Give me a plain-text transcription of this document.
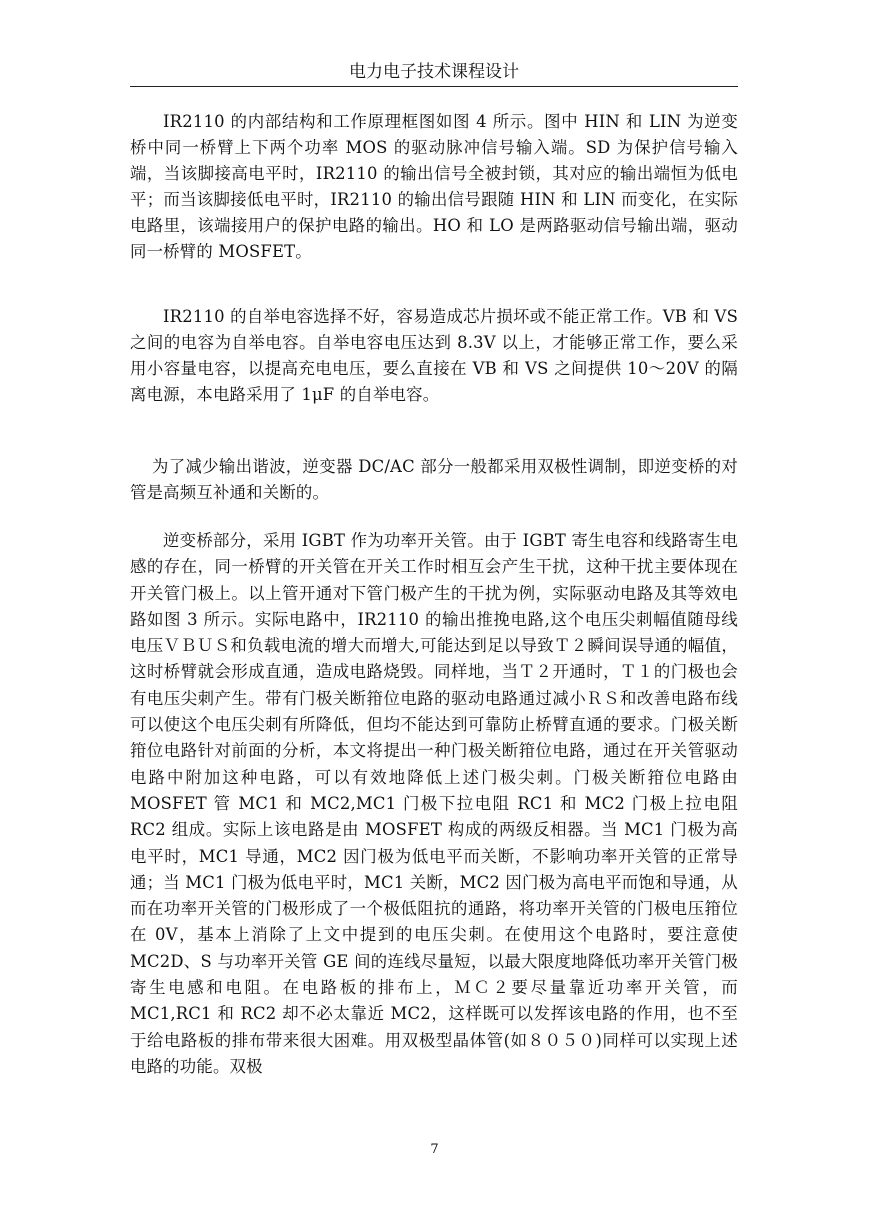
电力电子技术课程设计

IR2110 的内部结构和工作原理框图如图 4 所示。图中 HIN 和 LIN 为逆变桥中同一桥臂上下两个功率 MOS 的驱动脉冲信号输入端。SD 为保护信号输入端，当该脚接高电平时，IR2110 的输出信号全被封锁，其对应的输出端恒为低电平；而当该脚接低电平时，IR2110 的输出信号跟随 HIN 和 LIN 而变化，在实际电路里，该端接用户的保护电路的输出。HO 和 LO 是两路驱动信号输出端，驱动同一桥臂的 MOSFET。

IR2110 的自举电容选择不好，容易造成芯片损坏或不能正常工作。VB 和 VS 之间的电容为自举电容。自举电容电压达到 8.3V 以上，才能够正常工作，要么采用小容量电容，以提高充电电压，要么直接在 VB 和 VS 之间提供 10～20V 的隔离电源，本电路采用了 1μF 的自举电容。

为了减少输出谐波，逆变器 DC/AC 部分一般都采用双极性调制，即逆变桥的对管是高频互补通和关断的。

逆变桥部分，采用 IGBT 作为功率开关管。由于 IGBT 寄生电容和线路寄生电感的存在，同一桥臂的开关管在开关工作时相互会产生干扰，这种干扰主要体现在开关管门极上。以上管开通对下管门极产生的干扰为例，实际驱动电路及其等效电路如图 3 所示。实际电路中，IR2110 的输出推挽电路,这个电压尖刺幅值随母线电压ＶＢＵＳ和负载电流的增大而增大,可能达到足以导致Ｔ２瞬间误导通的幅值，这时桥臂就会形成直通，造成电路烧毁。同样地，当Ｔ２开通时，Ｔ１的门极也会有电压尖刺产生。带有门极关断箝位电路的驱动电路通过减小ＲＳ和改善电路布线可以使这个电压尖刺有所降低，但均不能达到可靠防止桥臂直通的要求。门极关断箝位电路针对前面的分析，本文将提出一种门极关断箝位电路，通过在开关管驱动电路中附加这种电路，可以有效地降低上述门极尖刺。门极关断箝位电路由 MOSFET 管 MC1 和 MC2,MC1 门极下拉电阻 RC1 和 MC2 门极上拉电阻 RC2 组成。实际上该电路是由 MOSFET 构成的两级反相器。当 MC1 门极为高电平时，MC1 导通，MC2 因门极为低电平而关断，不影响功率开关管的正常导通；当 MC1 门极为低电平时，MC1 关断，MC2 因门极为高电平而饱和导通，从而在功率开关管的门极形成了一个极低阻抗的通路，将功率开关管的门极电压箝位在 0V，基本上消除了上文中提到的电压尖刺。在使用这个电路时，要注意使 MC2D、S 与功率开关管 GE 间的连线尽量短，以最大限度地降低功率开关管门极寄生电感和电阻。在电路板的排布上，ＭＣ２要尽量靠近功率开关管，而 MC1,RC1 和 RC2 却不必太靠近 MC2，这样既可以发挥该电路的作用，也不至于给电路板的排布带来很大困难。用双极型晶体管(如８０５０)同样可以实现上述电路的功能。双极

7
